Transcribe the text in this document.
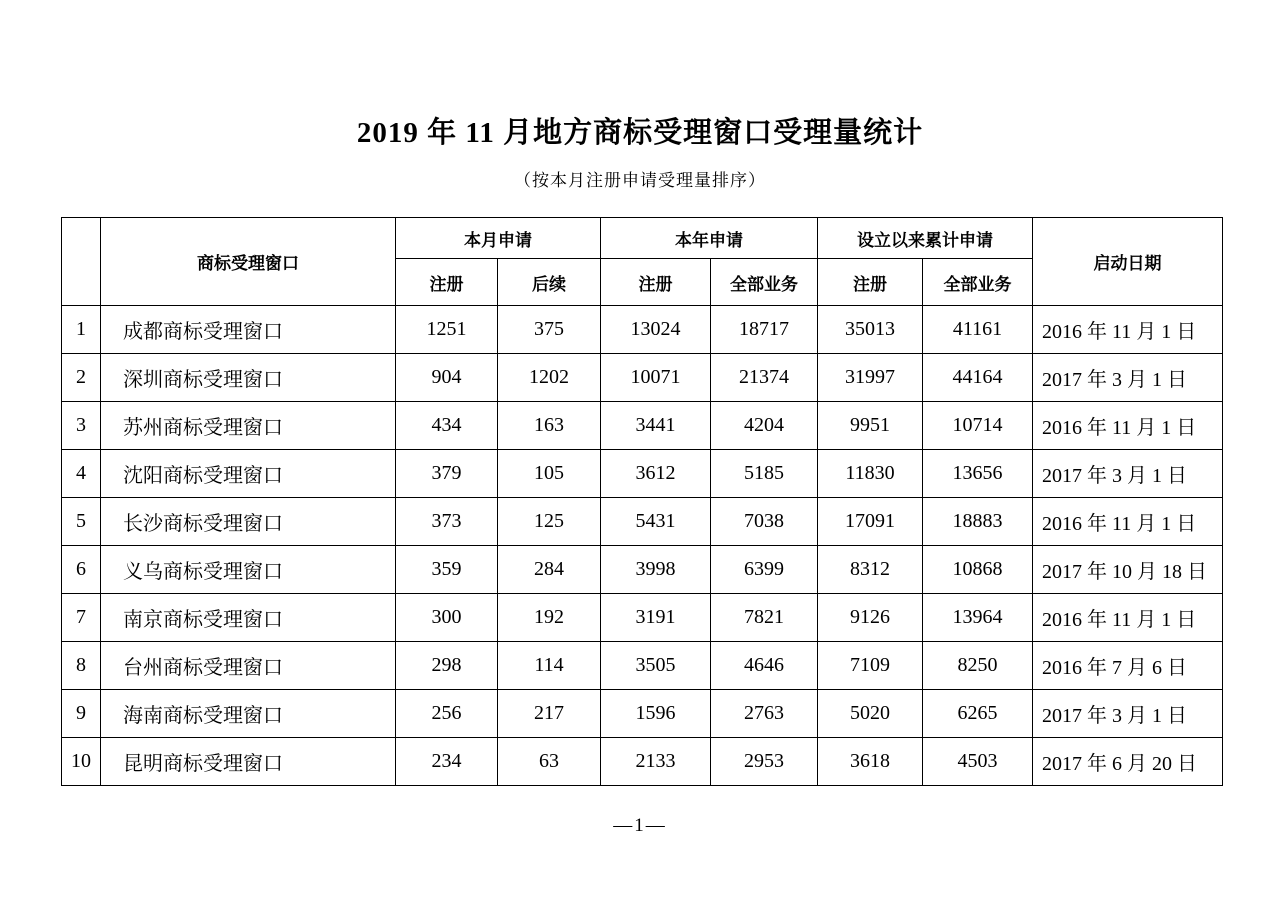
2019 年 11 月地方商标受理窗口受理量统计
（按本月注册申请受理量排序）
	商标受理窗口	本月申请		本年申请		设立以来累计申请		启动日期
		注册	后续	注册	全部业务	注册	全部业务	
1	成都商标受理窗口	1251	375	13024	18717	35013	41161	2016 年 11 月 1 日
2	深圳商标受理窗口	904	1202	10071	21374	31997	44164	2017 年 3 月 1 日
3	苏州商标受理窗口	434	163	3441	4204	9951	10714	2016 年 11 月 1 日
4	沈阳商标受理窗口	379	105	3612	5185	11830	13656	2017 年 3 月 1 日
5	长沙商标受理窗口	373	125	5431	7038	17091	18883	2016 年 11 月 1 日
6	义乌商标受理窗口	359	284	3998	6399	8312	10868	2017 年 10 月 18 日
7	南京商标受理窗口	300	192	3191	7821	9126	13964	2016 年 11 月 1 日
8	台州商标受理窗口	298	114	3505	4646	7109	8250	2016 年 7 月 6 日
9	海南商标受理窗口	256	217	1596	2763	5020	6265	2017 年 3 月 1 日
10	昆明商标受理窗口	234	63	2133	2953	3618	4503	2017 年 6 月 20 日
—1—
